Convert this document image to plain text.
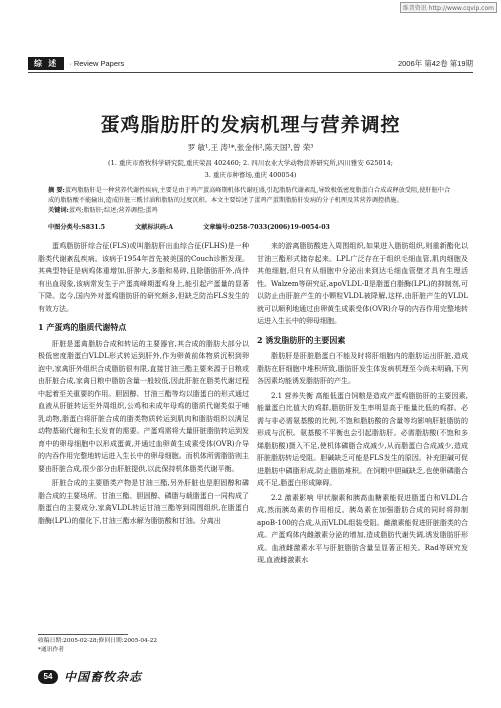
维普资讯 http://www.cqvip.com
综 述	· Review Papers	2006年 第42卷 第19期
蛋鸡脂肪肝的发病机理与营养调控
罗 敏¹,王 涛¹*,张金伟²,陈天国³,曾 荣³
(1. 重庆市畜牧科学研究院,重庆荣昌 402460; 2. 四川农业大学动物营养研究所,四川雅安 625014;
3. 重庆市种畜场,重庆 400054)
摘 要:蛋鸡脂肪肝是一种营养代谢性疾病,主要是由于鸡产蛋高峰期机体代谢旺盛,引起脂肪代谢紊乱,导致极低密度脂蛋白合成或释放受阻,使肝脏中合成的脂肪酸不能输出,造成肝脏三酰甘油和脂肪的过度沉积。本文主要综述了蛋鸡产蛋期脂肪肝发病的分子机理及其营养调控措施。
关键词:蛋鸡;脂肪肝;综述;营养调控;蛋鸡
中图分类号:S831.5	文献标识码:A	文章编号:0258-7033(2006)19-0054-03

蛋鸡脂肪肝综合征(FLS)或叫脂肪肝出血综合征(FLHS)是一种脂类代谢紊乱疾病。该病于1954年首先被美国的Couch诊断发现。其典型特征是病鸡体重增加,肝肿大,多脂和易碎,且除脂肪肝外,尚伴有出血现象,该病常发生于产蛋高峰期蛋鸡身上,能引起产蛋量的显著下降。迄今,国内外对蛋鸡脂肪肝的研究颇多,但缺乏防治FLS发生的有效方法。

1 产蛋鸡的脂质代谢特点

肝脏是蛋禽脂肪合成和转运的主要器官,其合成的脂肪大部分以极低密度脂蛋白VLDL形式转运到肝外,作为卵黄前体物质沉积到卵泡中,家禽肝外组织合成脂肪很有限,直接甘油三酯主要来源于日粮或由肝脏合成,家禽日粮中脂肪含量一般较低,因此肝脏在脂类代谢过程中起着至关重要的作用。胆固醇、甘油三酯等均以脂蛋白的形式通过血液从肝脏转运至外周组织,公鸡和未成年母鸡的脂质代谢类似于哺乳动物,脂蛋白将肝脏合成的脂类物质转运到肌肉和脂肪组织以满足动物基础代谢和生长发育的需要。产蛋鸡需将大量肝脏脂肪转运到发育中的卵母细胞中以形成蛋黄,并通过血卵黄生成素受体(OVR)介导的内吞作用完整地转运进入生长中的卵母细胞。而机体所需脂肪则主要由肝脏合成,很少部分由肝脏提供,以此保持机体脂类代谢平衡。

肝脏合成的主要脂类产物是甘油三酯,另外肝脏也是胆固醇和磷脂合成的主要场所。甘油三酯、胆固醇、磷脂与载脂蛋白一同构成了脂蛋白的主要成分,家禽VLDL转运甘油三酯等到周围组织,在脂蛋白脂酶(LPL)的催化下,甘油三酯水解为脂肪酸和甘油。分离出

来的游离脂肪酸进入周围组织,如果进入脂肪组织,则重新酯化以甘油三酯形式储存起来。LPL广泛存在于组织毛细血管,肌肉细胞及其他细胞,但只有从细胞中分泌出来到达毛细血管壁才具有生理活性。Walzem等研究证,apoVLDL-Ⅱ是脂蛋白脂酶(LPL)的抑制剂,可以防止由肝脏产生的小颗粒VLDL被降解,这样,由肝脏产生的VLDL就可以顺利地通过由卵黄生成素受体(OVR)介导的内吞作用完整地转运进入生长中的卵母细胞。

2 诱发脂肪肝的主要因素

脂肪肝是肝脏脂蛋白不能及时将肝细胞内的脂肪运出肝脏,造成脂肪在肝细胞中堆积所致,脂肪肝发生体发病机理至今尚未明确,下列各因素均能诱发脂肪肝的产生。

2.1 营养失衡 高能低蛋白饲粮是造成产蛋鸡脂肪肝的主要因素,能量蛋白比值大的鸡群,脂肪肝发生率明显高于能量比低的鸡群。必需与非必需氨基酸的比例,不饱和脂肪酸的含量等均影响肝脏脂肪的形成与沉积。氨基酸不平衡也会引起脂肪肝。必需脂肪酸(不饱和多烯脂肪酸)摄入不足,使机体磷脂合成减少,从而脂蛋白合成减少,造成肝脏脂肪转运受阻。胆碱缺乏可能是FLS发生的原因。补充胆碱可促进脂肪中磷脂形成,防止脂肪堆积。在饲粮中胆碱缺乏,也使卵磷脂合成不足,脂蛋白形成障碍。

2.2 激素影响 甲状腺素和胰高血糖素能促进脂蛋白和VLDL合成,然而胰岛素的作用相反。胰岛素在加强脂肪合成的同时将抑制apoB-100的合成,从而VLDL组装受阻。雌激素能促进肝脏脂类的合成。产蛋鸡体内雌激素分泌的增加,造成脂肪代谢失调,诱发脂肪肝形成。血液雌激素水平与肝脏脂肪含量呈显著正相关。Rad等研究发现,血液雌激素水

收稿日期:2005-02-28;修回日期:2005-04-22
*通讯作者
54 中国畜牧杂志
